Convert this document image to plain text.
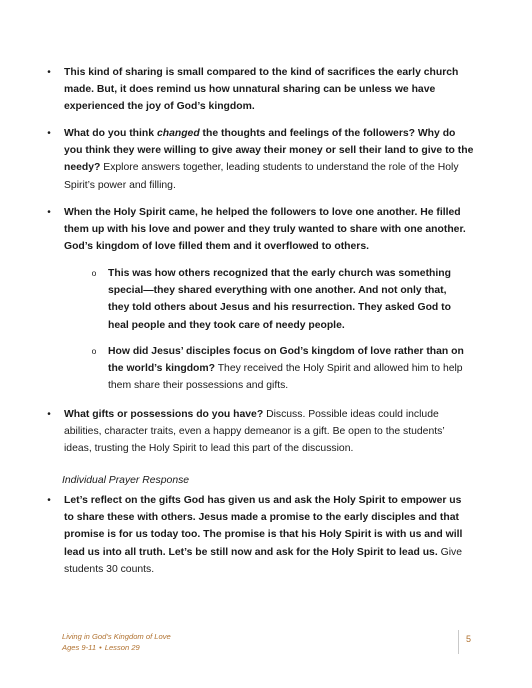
•	This kind of sharing is small compared to the kind of sacrifices the early church made. But, it does remind us how unnatural sharing can be unless we have experienced the joy of God’s kingdom.
•	What do you think changed the thoughts and feelings of the followers? Why do you think they were willing to give away their money or sell their land to give to the needy? Explore answers together, leading students to understand the role of the Holy Spirit’s power and filling.
•	When the Holy Spirit came, he helped the followers to love one another. He filled them up with his love and power and they truly wanted to share with one another. God’s kingdom of love filled them and it overflowed to others.
o	This was how others recognized that the early church was something special—they shared everything with one another. And not only that, they told others about Jesus and his resurrection. They asked God to heal people and they took care of needy people.
o	How did Jesus’ disciples focus on God’s kingdom of love rather than on the world’s kingdom? They received the Holy Spirit and allowed him to help them share their possessions and gifts.
•	What gifts or possessions do you have? Discuss. Possible ideas could include abilities, character traits, even a happy demeanor is a gift. Be open to the students’ ideas, trusting the Holy Spirit to lead this part of the discussion.
Individual Prayer Response
•	Let’s reflect on the gifts God has given us and ask the Holy Spirit to empower us to share these with others. Jesus made a promise to the early disciples and that promise is for us today too. The promise is that his Holy Spirit is with us and will lead us into all truth. Let’s be still now and ask for the Holy Spirit to lead us. Give students 30 counts.
Living in God’s Kingdom of Love
Ages 9-11 • Lesson 29
5
